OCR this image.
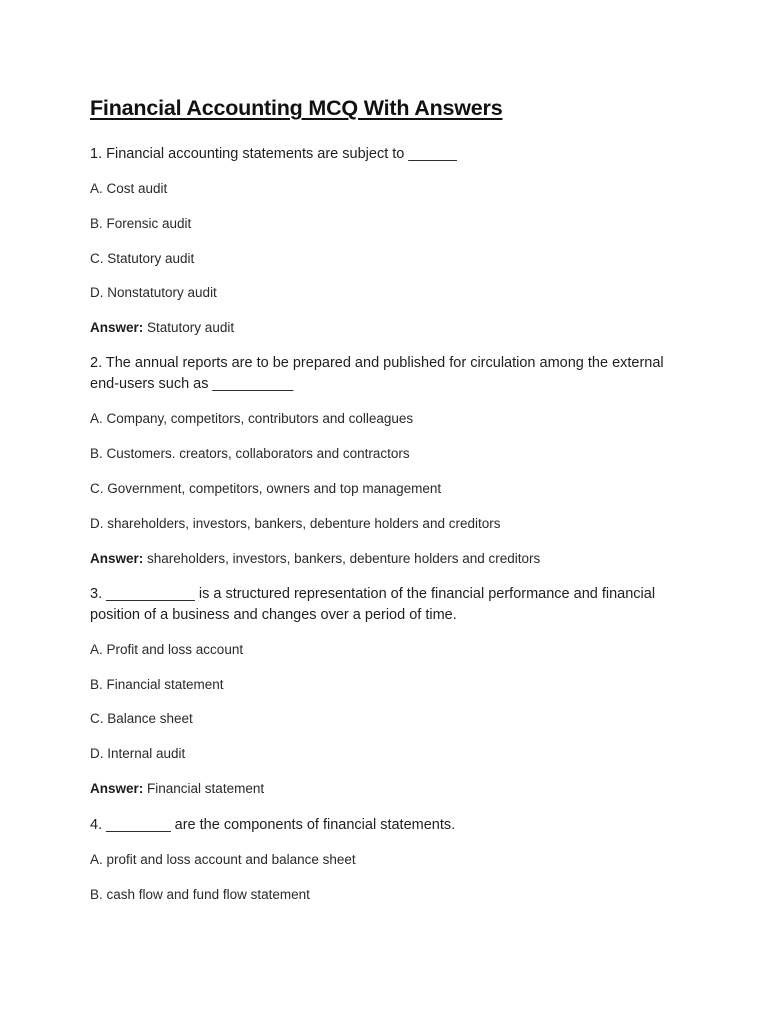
Financial Accounting MCQ With Answers

1. Financial accounting statements are subject to ______

A. Cost audit

B. Forensic audit

C. Statutory audit

D. Nonstatutory audit

Answer: Statutory audit

2. The annual reports are to be prepared and published for circulation among the external end-users such as __________

A. Company, competitors, contributors and colleagues

B. Customers. creators, collaborators and contractors

C. Government, competitors, owners and top management

D. shareholders, investors, bankers, debenture holders and creditors

Answer: shareholders, investors, bankers, debenture holders and creditors

3. ___________ is a structured representation of the financial performance and financial position of a business and changes over a period of time.

A. Profit and loss account

B. Financial statement

C. Balance sheet

D. Internal audit

Answer: Financial statement

4. ________ are the components of financial statements.

A. profit and loss account and balance sheet

B. cash flow and fund flow statement
